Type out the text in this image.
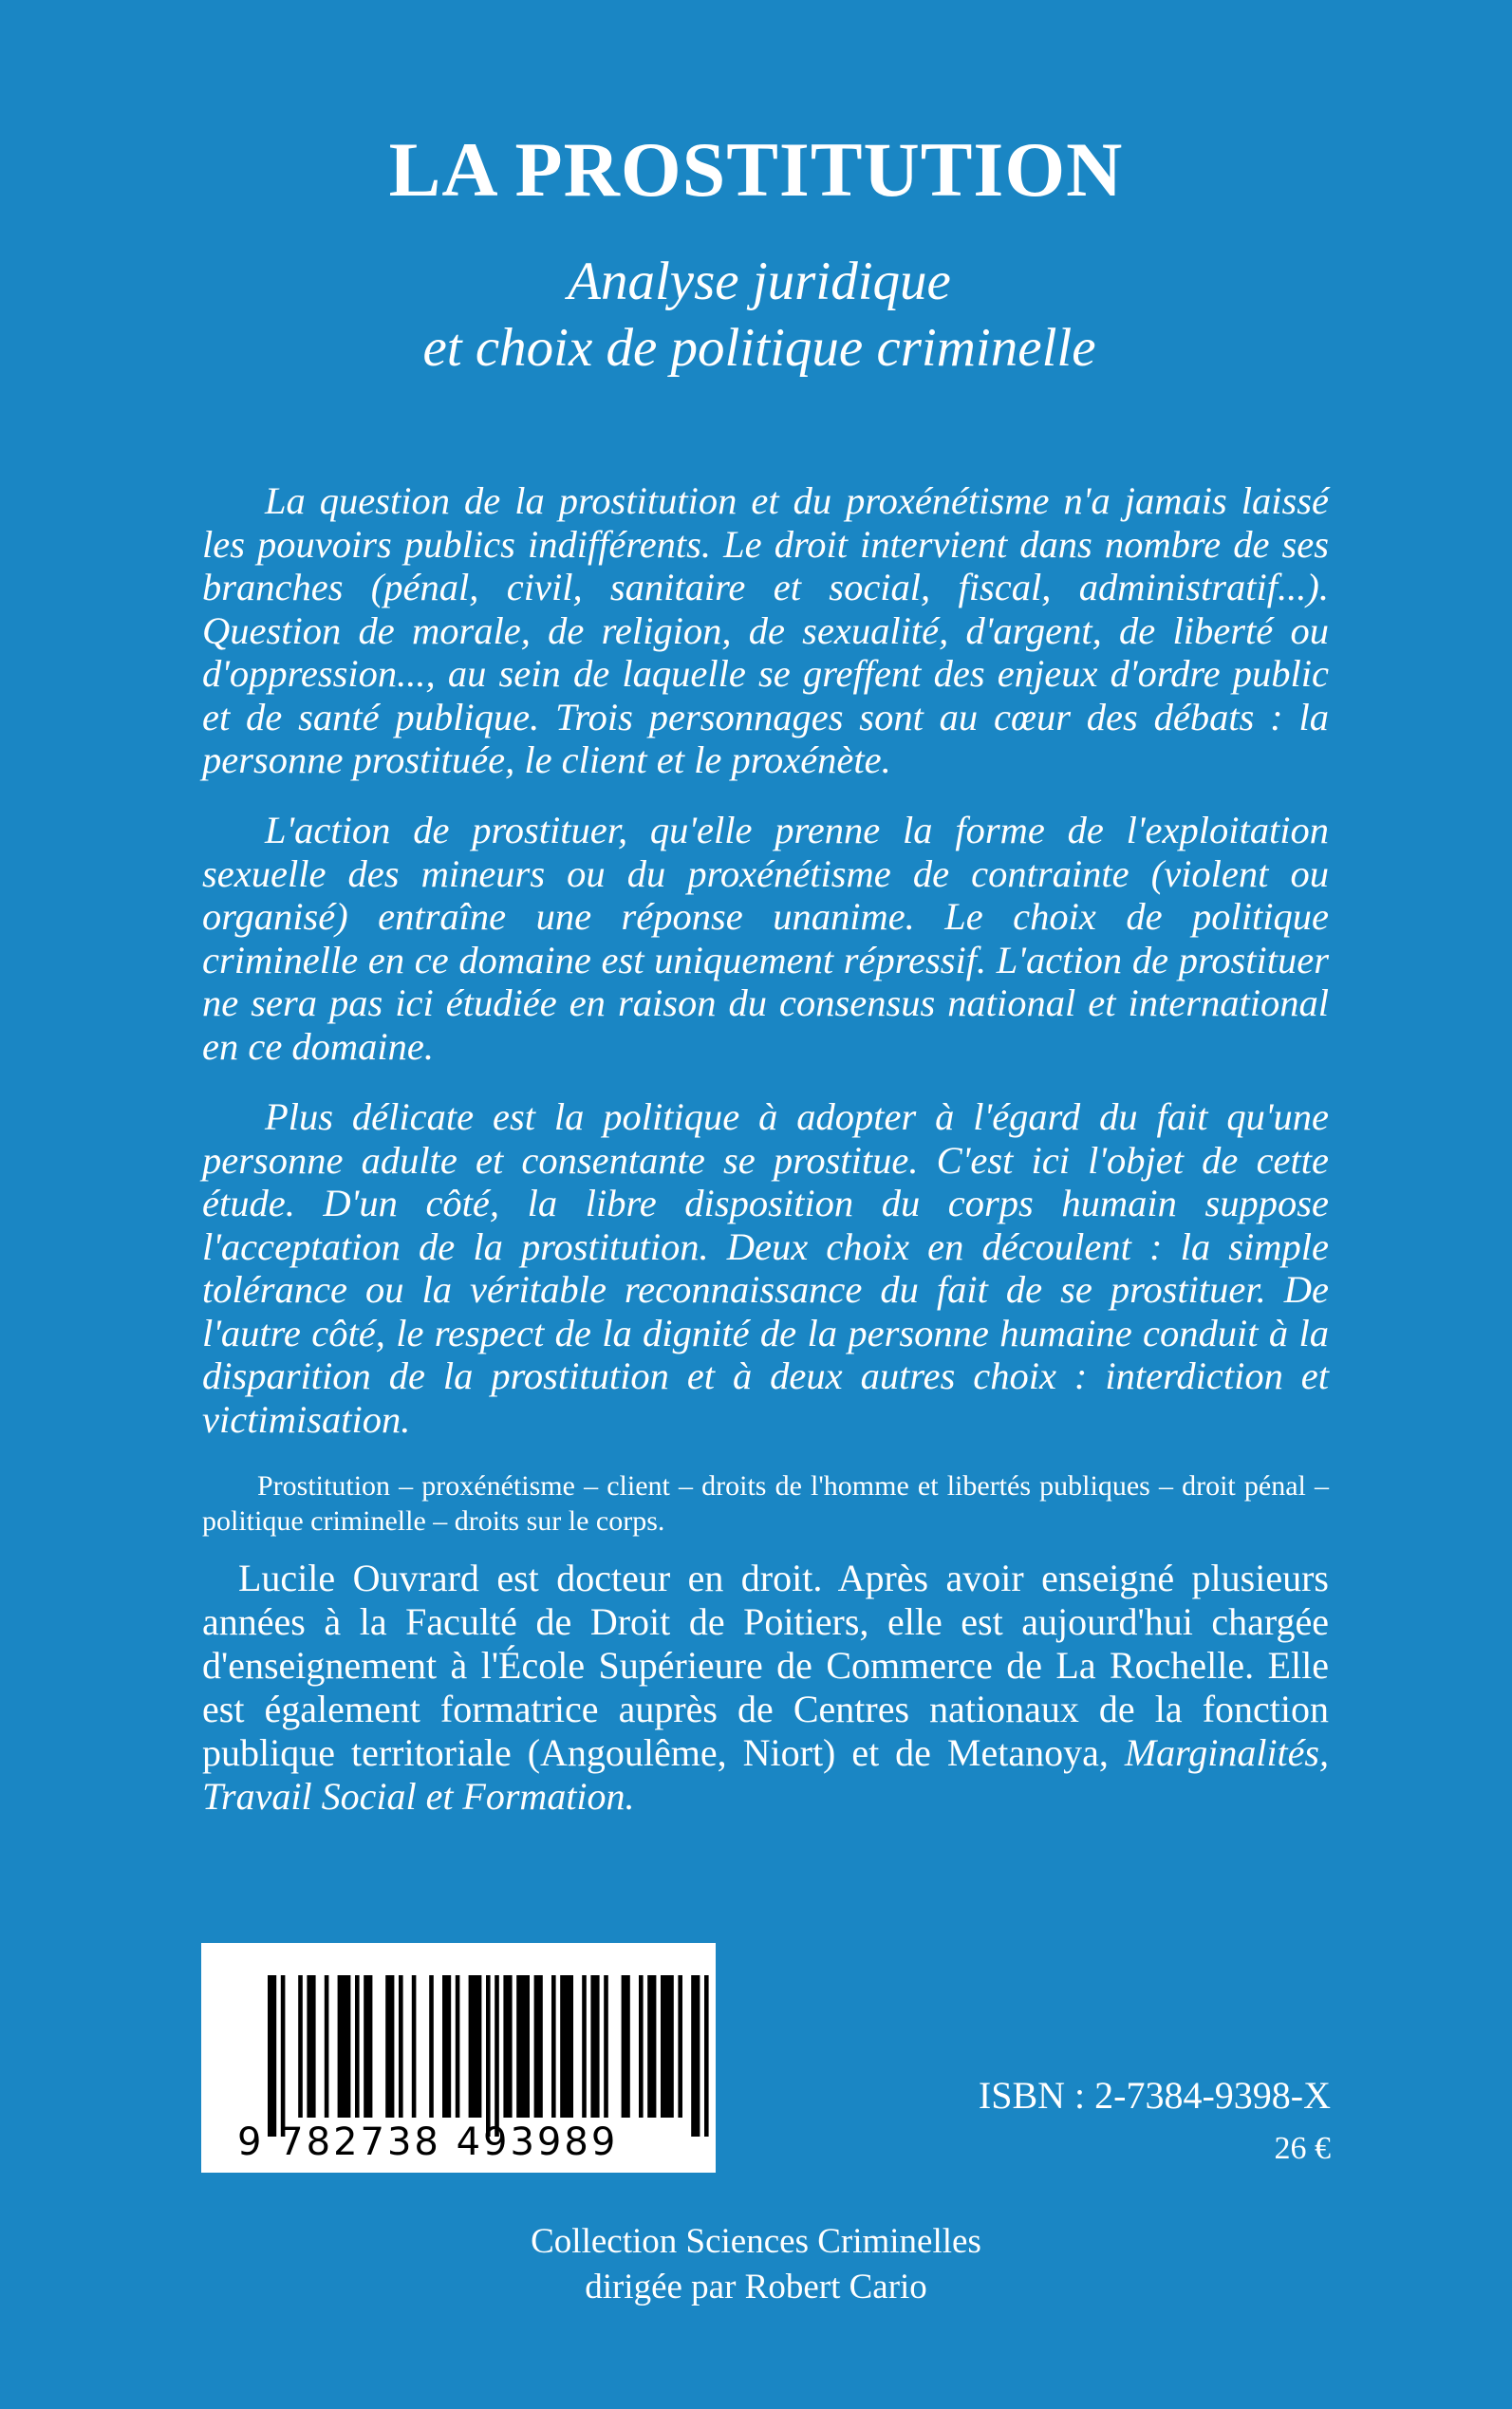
LA PROSTITUTION
Analyse juridique
et choix de politique criminelle

La question de la prostitution et du proxénétisme n'a jamais laissé les pouvoirs publics indifférents. Le droit intervient dans nombre de ses branches (pénal, civil, sanitaire et social, fiscal, administratif...). Question de morale, de religion, de sexualité, d'argent, de liberté ou d'oppression..., au sein de laquelle se greffent des enjeux d'ordre public et de santé publique. Trois personnages sont au cœur des débats : la personne prostituée, le client et le proxénète.

L'action de prostituer, qu'elle prenne la forme de l'exploitation sexuelle des mineurs ou du proxénétisme de contrainte (violent ou organisé) entraîne une réponse unanime. Le choix de politique criminelle en ce domaine est uniquement répressif. L'action de prostituer ne sera pas ici étudiée en raison du consensus national et international en ce domaine.

Plus délicate est la politique à adopter à l'égard du fait qu'une personne adulte et consentante se prostitue. C'est ici l'objet de cette étude. D'un côté, la libre disposition du corps humain suppose l'acceptation de la prostitution. Deux choix en découlent : la simple tolérance ou la véritable reconnaissance du fait de se prostituer. De l'autre côté, le respect de la dignité de la personne humaine conduit à la disparition de la prostitution et à deux autres choix : interdiction et victimisation.

Prostitution – proxénétisme – client – droits de l'homme et libertés publiques – droit pénal – politique criminelle – droits sur le corps.

Lucile Ouvrard est docteur en droit. Après avoir enseigné plusieurs années à la Faculté de Droit de Poitiers, elle est aujourd'hui chargée d'enseignement à l'École Supérieure de Commerce de La Rochelle. Elle est également formatrice auprès de Centres nationaux de la fonction publique territoriale (Angoulême, Niort) et de Metanoya, Marginalités, Travail Social et Formation.

9 782738 493989
ISBN : 2-7384-9398-X
26 €
Collection Sciences Criminelles
dirigée par Robert Cario
